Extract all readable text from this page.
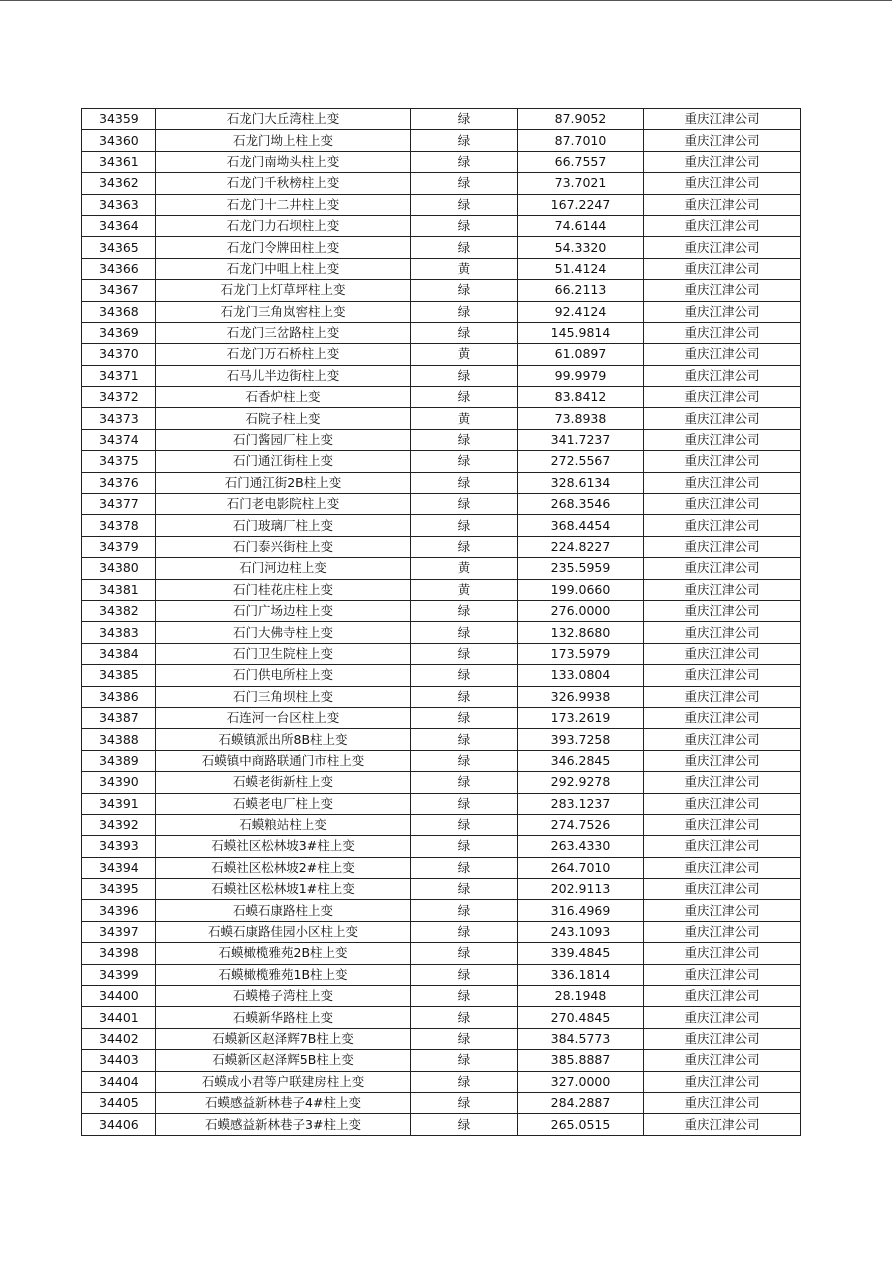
34359	石龙门大丘湾柱上变	绿	87.9052	重庆江津公司
34360	石龙门坳上柱上变	绿	87.7010	重庆江津公司
34361	石龙门南坳头柱上变	绿	66.7557	重庆江津公司
34362	石龙门千秋榜柱上变	绿	73.7021	重庆江津公司
34363	石龙门十二井柱上变	绿	167.2247	重庆江津公司
34364	石龙门力石坝柱上变	绿	74.6144	重庆江津公司
34365	石龙门令牌田柱上变	绿	54.3320	重庆江津公司
34366	石龙门中咀上柱上变	黄	51.4124	重庆江津公司
34367	石龙门上灯草坪柱上变	绿	66.2113	重庆江津公司
34368	石龙门三角岚窖柱上变	绿	92.4124	重庆江津公司
34369	石龙门三岔路柱上变	绿	145.9814	重庆江津公司
34370	石龙门万石桥柱上变	黄	61.0897	重庆江津公司
34371	石马儿半边街柱上变	绿	99.9979	重庆江津公司
34372	石香炉柱上变	绿	83.8412	重庆江津公司
34373	石院子柱上变	黄	73.8938	重庆江津公司
34374	石门酱园厂柱上变	绿	341.7237	重庆江津公司
34375	石门通江街柱上变	绿	272.5567	重庆江津公司
34376	石门通江街2B柱上变	绿	328.6134	重庆江津公司
34377	石门老电影院柱上变	绿	268.3546	重庆江津公司
34378	石门玻璃厂柱上变	绿	368.4454	重庆江津公司
34379	石门泰兴街柱上变	绿	224.8227	重庆江津公司
34380	石门河边柱上变	黄	235.5959	重庆江津公司
34381	石门桂花庄柱上变	黄	199.0660	重庆江津公司
34382	石门广场边柱上变	绿	276.0000	重庆江津公司
34383	石门大佛寺柱上变	绿	132.8680	重庆江津公司
34384	石门卫生院柱上变	绿	173.5979	重庆江津公司
34385	石门供电所柱上变	绿	133.0804	重庆江津公司
34386	石门三角坝柱上变	绿	326.9938	重庆江津公司
34387	石连河一台区柱上变	绿	173.2619	重庆江津公司
34388	石蟆镇派出所8B柱上变	绿	393.7258	重庆江津公司
34389	石蟆镇中商路联通门市柱上变	绿	346.2845	重庆江津公司
34390	石蟆老街新柱上变	绿	292.9278	重庆江津公司
34391	石蟆老电厂柱上变	绿	283.1237	重庆江津公司
34392	石蟆粮站柱上变	绿	274.7526	重庆江津公司
34393	石蟆社区松林坡3#柱上变	绿	263.4330	重庆江津公司
34394	石蟆社区松林坡2#柱上变	绿	264.7010	重庆江津公司
34395	石蟆社区松林坡1#柱上变	绿	202.9113	重庆江津公司
34396	石蟆石康路柱上变	绿	316.4969	重庆江津公司
34397	石蟆石康路佳园小区柱上变	绿	243.1093	重庆江津公司
34398	石蟆橄榄雅苑2B柱上变	绿	339.4845	重庆江津公司
34399	石蟆橄榄雅苑1B柱上变	绿	336.1814	重庆江津公司
34400	石蟆棬子湾柱上变	绿	28.1948	重庆江津公司
34401	石蟆新华路柱上变	绿	270.4845	重庆江津公司
34402	石蟆新区赵泽辉7B柱上变	绿	384.5773	重庆江津公司
34403	石蟆新区赵泽辉5B柱上变	绿	385.8887	重庆江津公司
34404	石蟆成小君等户联建房柱上变	绿	327.0000	重庆江津公司
34405	石蟆感益新林巷子4#柱上变	绿	284.2887	重庆江津公司
34406	石蟆感益新林巷子3#柱上变	绿	265.0515	重庆江津公司
